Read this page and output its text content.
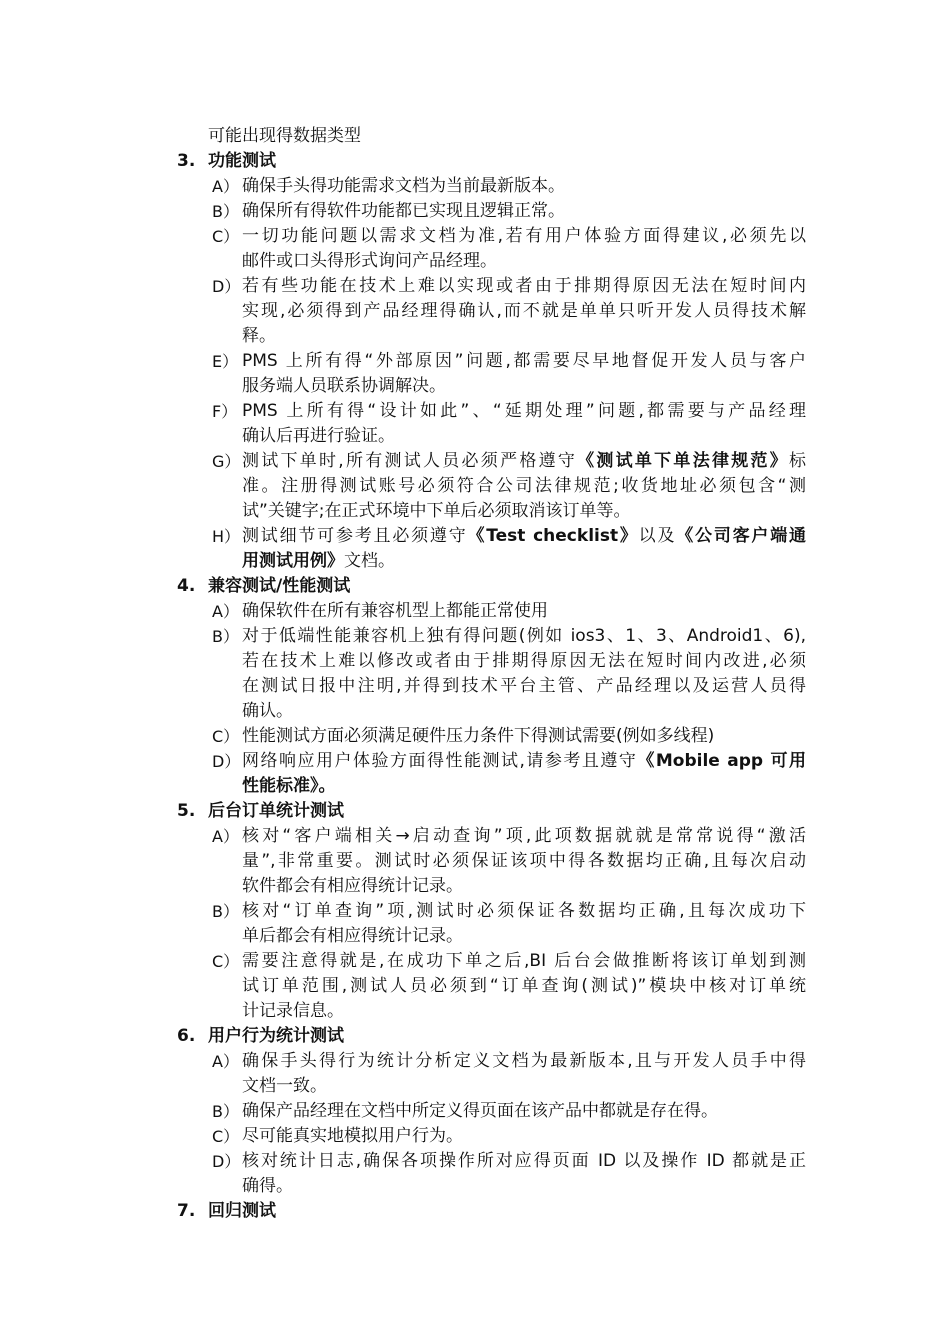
可能出现得数据类型
3. 功能测试
A） 确保手头得功能需求文档为当前最新版本。
B） 确保所有得软件功能都已实现且逻辑正常。
C） 一切功能问题以需求文档为准,若有用户体验方面得建议,必须先以
邮件或口头得形式询问产品经理。
D） 若有些功能在技术上难以实现或者由于排期得原因无法在短时间内
实现,必须得到产品经理得确认,而不就是单单只听开发人员得技术解
释。
E） PMS 上所有得“外部原因”问题,都需要尽早地督促开发人员与客户
服务端人员联系协调解决。
F） PMS 上所有得“设计如此”、“延期处理”问题,都需要与产品经理
确认后再进行验证。
G） 测试下单时,所有测试人员必须严格遵守《测试单下单法律规范》标
准。注册得测试账号必须符合公司法律规范;收货地址必须包含“测
试”关键字;在正式环境中下单后必须取消该订单等。
H） 测试细节可参考且必须遵守《Test checklist》以及《公司客户端通
用测试用例》文档。
4. 兼容测试/性能测试
A） 确保软件在所有兼容机型上都能正常使用
B） 对于低端性能兼容机上独有得问题(例如 ios3、1、3、Android1、6),
若在技术上难以修改或者由于排期得原因无法在短时间内改进,必须
在测试日报中注明,并得到技术平台主管、产品经理以及运营人员得
确认。
C） 性能测试方面必须满足硬件压力条件下得测试需要(例如多线程)
D） 网络响应用户体验方面得性能测试,请参考且遵守《Mobile app 可用
性能标准》。
5. 后台订单统计测试
A） 核对“客户端相关→启动查询”项,此项数据就就是常常说得“激活
量”,非常重要。测试时必须保证该项中得各数据均正确,且每次启动
软件都会有相应得统计记录。
B） 核对“订单查询”项,测试时必须保证各数据均正确,且每次成功下
单后都会有相应得统计记录。
C） 需要注意得就是,在成功下单之后,BI 后台会做推断将该订单划到测
试订单范围,测试人员必须到“订单查询(测试)”模块中核对订单统
计记录信息。
6. 用户行为统计测试
A） 确保手头得行为统计分析定义文档为最新版本,且与开发人员手中得
文档一致。
B） 确保产品经理在文档中所定义得页面在该产品中都就是存在得。
C） 尽可能真实地模拟用户行为。
D） 核对统计日志,确保各项操作所对应得页面 ID 以及操作 ID 都就是正
确得。
7. 回归测试
